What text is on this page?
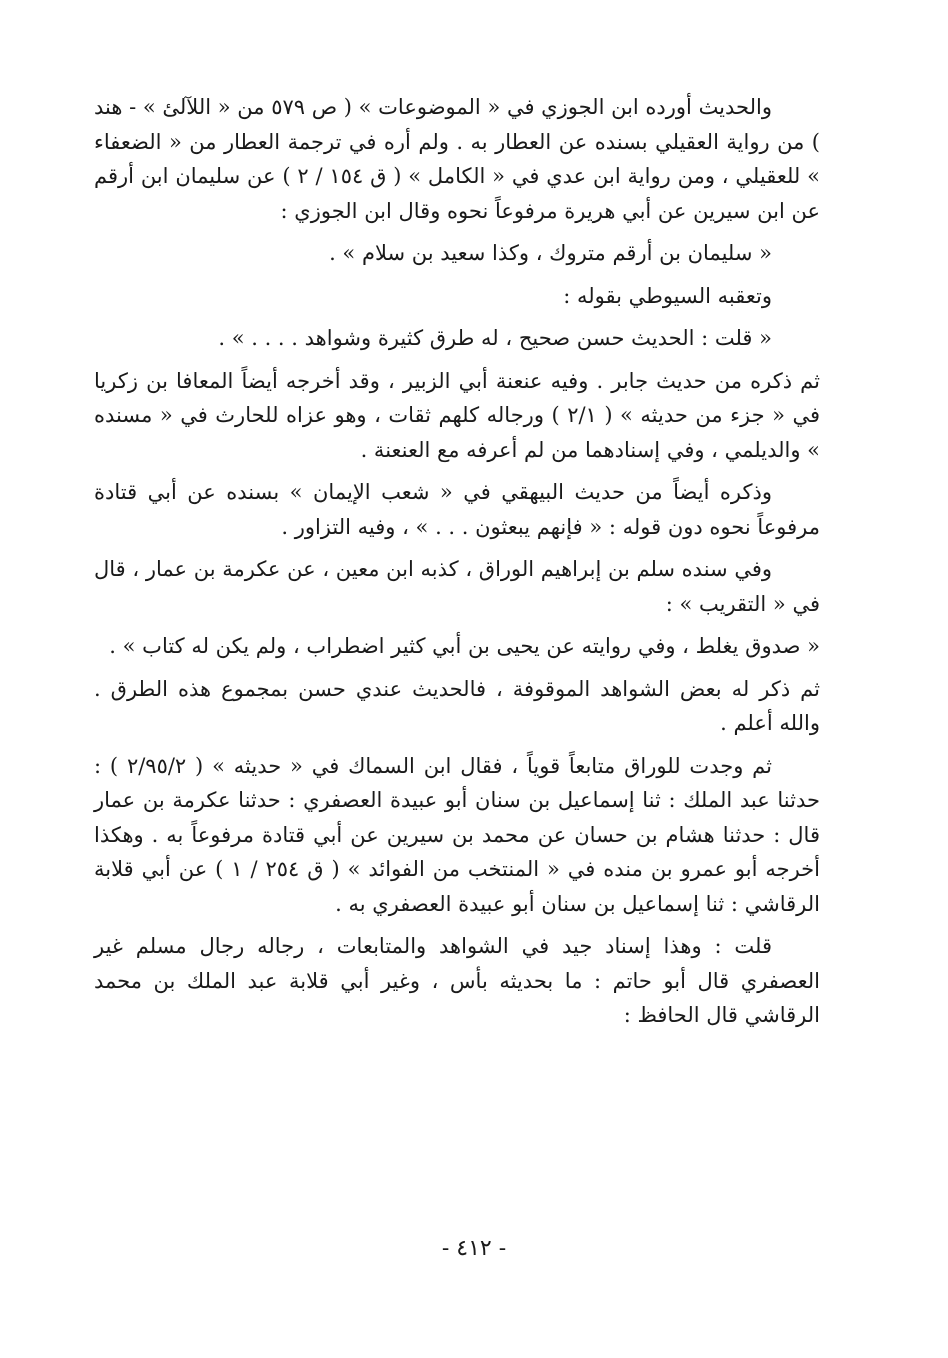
والحديث أورده ابن الجوزي في « الموضوعات » ( ص ٥٧٩ من « اللآلئ » - هند ) من رواية العقيلي بسنده عن العطار به . ولم أره في ترجمة العطار من « الضعفاء » للعقيلي ، ومن رواية ابن عدي في « الكامل » ( ق ١٥٤ / ٢ ) عن سليمان ابن أرقم عن ابن سيرين عن أبي هريرة مرفوعاً نحوه وقال ابن الجوزي :

« سليمان بن أرقم متروك ، وكذا سعيد بن سلام » .

وتعقبه السيوطي بقوله :

« قلت : الحديث حسن صحيح ، له طرق كثيرة وشواهد . . . . » .

ثم ذكره من حديث جابر . وفيه عنعنة أبي الزبير ، وقد أخرجه أيضاً المعافا بن زكريا في « جزء من حديثه » ( ٢/١ ) ورجاله كلهم ثقات ، وهو عزاه للحارث في « مسنده » والديلمي ، وفي إسنادهما من لم أعرفه مع العنعنة .

وذكره أيضاً من حديث البيهقي في « شعب الإيمان » بسنده عن أبي قتادة مرفوعاً نحوه دون قوله : « فإنهم يبعثون . . . » ، وفيه التزاور .

وفي سنده سلم بن إبراهيم الوراق ، كذبه ابن معين ، عن عكرمة بن عمار ، قال في « التقريب » :

« صدوق يغلط ، وفي روايته عن يحيى بن أبي كثير اضطراب ، ولم يكن له كتاب » .

ثم ذكر له بعض الشواهد الموقوفة ، فالحديث عندي حسن بمجموع هذه الطرق . والله أعلم .

ثم وجدت للوراق متابعاً قوياً ، فقال ابن السماك في « حديثه » ( ٢/٩٥/٢ ) : حدثنا عبد الملك : ثنا إسماعيل بن سنان أبو عبيدة العصفري : حدثنا عكرمة بن عمار قال : حدثنا هشام بن حسان عن محمد بن سيرين عن أبي قتادة مرفوعاً به . وهكذا أخرجه أبو عمرو بن منده في « المنتخب من الفوائد » ( ق ٢٥٤ / ١ ) عن أبي قلابة الرقاشي : ثنا إسماعيل بن سنان أبو عبيدة العصفري به .

قلت : وهذا إسناد جيد في الشواهد والمتابعات ، رجاله رجال مسلم غير العصفري قال أبو حاتم : ما بحديثه بأس ، وغير أبي قلابة عبد الملك بن محمد الرقاشي قال الحافظ :

- ٤١٢ -
